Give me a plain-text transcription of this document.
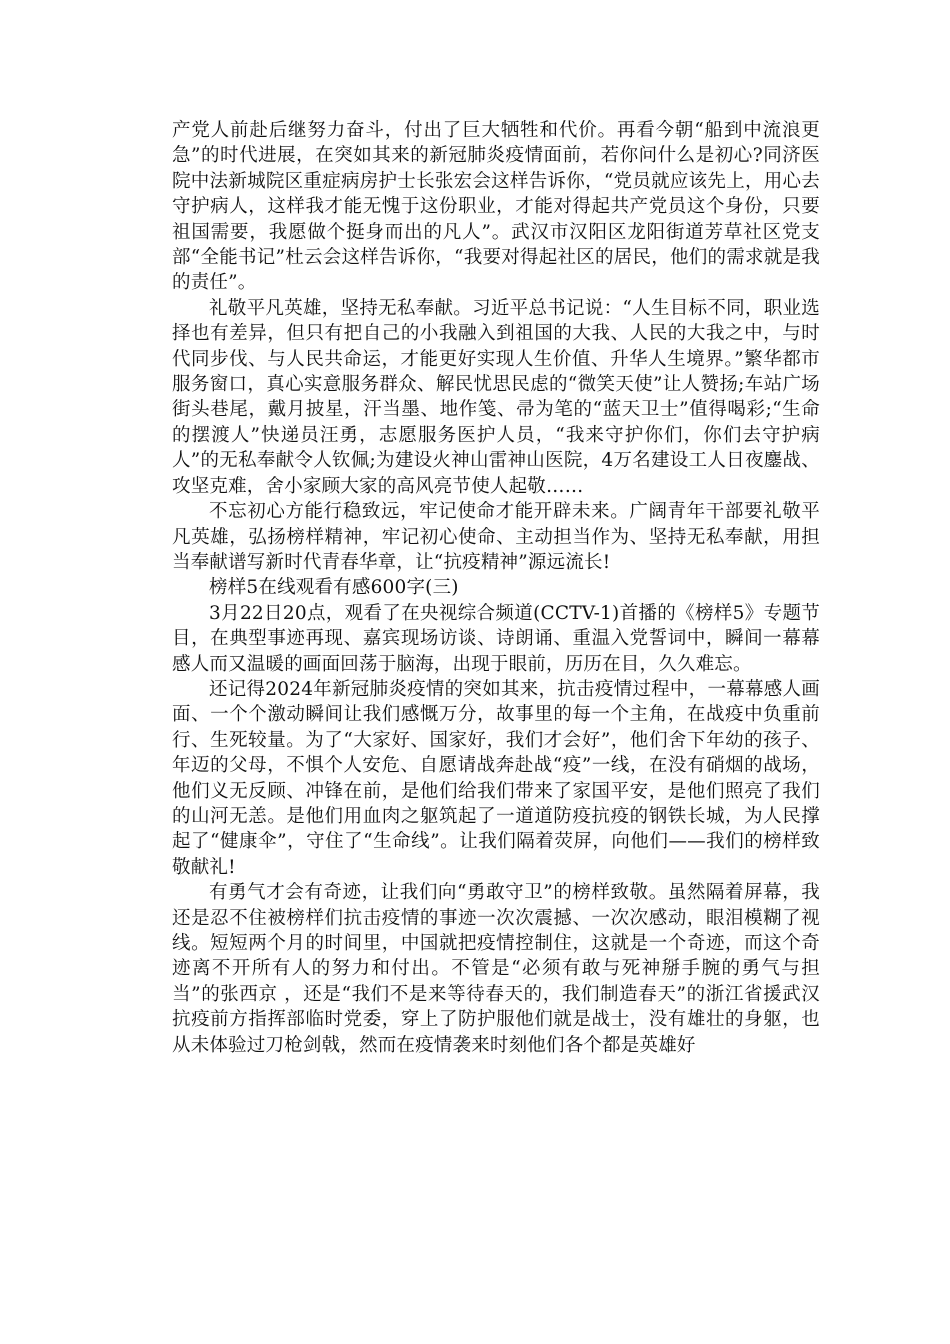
产党人前赴后继努力奋斗，付出了巨大牺牲和代价。再看今朝“船到中流浪更急”的时代进展，在突如其来的新冠肺炎疫情面前，若你问什么是初心?同济医院中法新城院区重症病房护士长张宏会这样告诉你，“党员就应该先上，用心去守护病人，这样我才能无愧于这份职业，才能对得起共产党员这个身份，只要祖国需要，我愿做个挺身而出的凡人”。武汉市汉阳区龙阳街道芳草社区党支部“全能书记”杜云会这样告诉你，“我要对得起社区的居民，他们的需求就是我的责任”。

礼敬平凡英雄，坚持无私奉献。习近平总书记说：“人生目标不同，职业选择也有差异，但只有把自己的小我融入到祖国的大我、人民的大我之中，与时代同步伐、与人民共命运，才能更好实现人生价值、升华人生境界。”繁华都市服务窗口，真心实意服务群众、解民忧思民虑的“微笑天使”让人赞扬;车站广场街头巷尾，戴月披星，汗当墨、地作笺、帚为笔的“蓝天卫士”值得喝彩;“生命的摆渡人”快递员汪勇，志愿服务医护人员，“我来守护你们，你们去守护病人”的无私奉献令人钦佩;为建设火神山雷神山医院，4万名建设工人日夜鏖战、攻坚克难，舍小家顾大家的高风亮节使人起敬……

不忘初心方能行稳致远，牢记使命才能开辟未来。广阔青年干部要礼敬平凡英雄，弘扬榜样精神，牢记初心使命、主动担当作为、坚持无私奉献，用担当奉献谱写新时代青春华章，让“抗疫精神”源远流长!

榜样5在线观看有感600字(三)

3月22日20点，观看了在央视综合频道(CCTV-1)首播的《榜样5》专题节目，在典型事迹再现、嘉宾现场访谈、诗朗诵、重温入党誓词中，瞬间一幕幕感人而又温暖的画面回荡于脑海，出现于眼前，历历在目，久久难忘。

还记得2024年新冠肺炎疫情的突如其来，抗击疫情过程中，一幕幕感人画面、一个个激动瞬间让我们感慨万分，故事里的每一个主角，在战疫中负重前行、生死较量。为了“大家好、国家好，我们才会好”，他们舍下年幼的孩子、年迈的父母，不惧个人安危、自愿请战奔赴战“疫”一线，在没有硝烟的战场，他们义无反顾、冲锋在前，是他们给我们带来了家国平安，是他们照亮了我们的山河无恙。是他们用血肉之躯筑起了一道道防疫抗疫的钢铁长城，为人民撑起了“健康伞”，守住了“生命线”。让我们隔着荧屏，向他们——我们的榜样致敬献礼!

有勇气才会有奇迹，让我们向“勇敢守卫”的榜样致敬。虽然隔着屏幕，我还是忍不住被榜样们抗击疫情的事迹一次次震撼、一次次感动，眼泪模糊了视线。短短两个月的时间里，中国就把疫情控制住，这就是一个奇迹，而这个奇迹离不开所有人的努力和付出。不管是“必须有敢与死神掰手腕的勇气与担当”的张西京 ，还是“我们不是来等待春天的，我们制造春天”的浙江省援武汉抗疫前方指挥部临时党委，穿上了防护服他们就是战士，没有雄壮的身躯，也从未体验过刀枪剑戟，然而在疫情袭来时刻他们各个都是英雄好
